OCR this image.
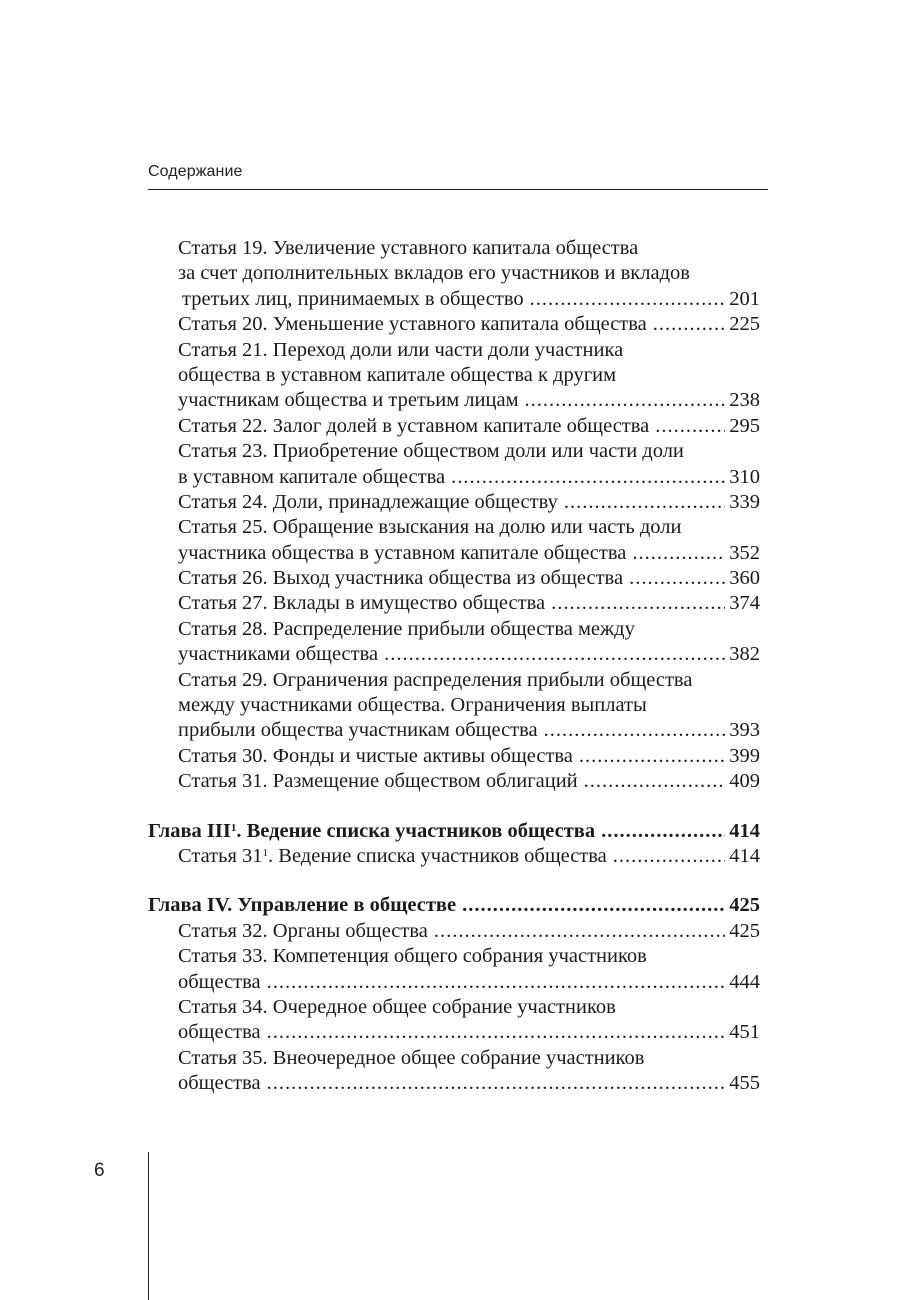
Содержание
Статья 19. Увеличение уставного капитала общества
за счет дополнительных вкладов его участников и вкладов
третьих лиц, принимаемых в общество .....	201
Статья 20. Уменьшение уставного капитала общества .....	225
Статья 21. Переход доли или части доли участника
общества в уставном капитале общества к другим
участникам общества и третьим лицам .....	238
Статья 22. Залог долей в уставном капитале общества .....	295
Статья 23. Приобретение обществом доли или части доли
в уставном капитале общества .....	310
Статья 24. Доли, принадлежащие обществу .....	339
Статья 25. Обращение взыскания на долю или часть доли
участника общества в уставном капитале общества .....	352
Статья 26. Выход участника общества из общества .....	360
Статья 27. Вклады в имущество общества .....	374
Статья 28. Распределение прибыли общества между
участниками общества .....	382
Статья 29. Ограничения распределения прибыли общества
между участниками общества. Ограничения выплаты
прибыли общества участникам общества .....	393
Статья 30. Фонды и чистые активы общества .....	399
Статья 31. Размещение обществом облигаций .....	409
Глава III$^1$. Ведение списка участников общества .....	414
Статья $31^1$. Ведение списка участников общества .....	414
Глава IV. Управление в обществе .....	425
Статья 32. Органы общества .....	425
Статья 33. Компетенция общего собрания участников
общества .....	444
Статья 34. Очередное общее собрание участников
общества .....	451
Статья 35. Внеочередное общее собрание участников
общества .....	455
6
